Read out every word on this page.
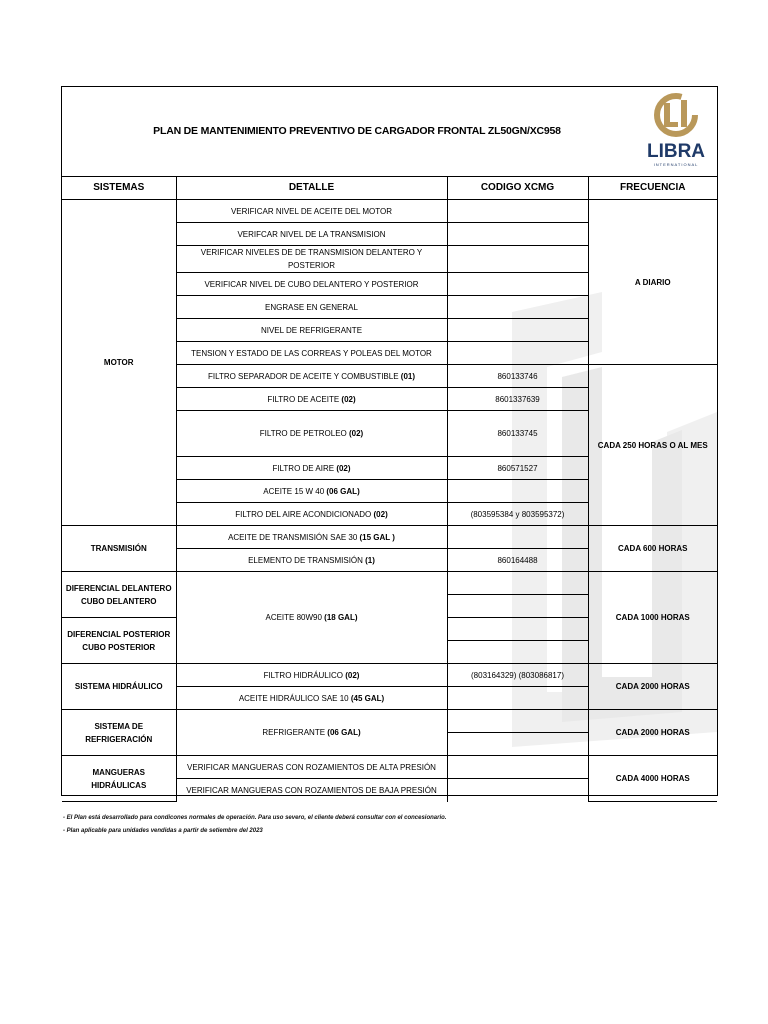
PLAN DE MANTENIMIENTO PREVENTIVO DE CARGADOR FRONTAL ZL50GN/XC958
LIBRA
INTERNATIONAL
SISTEMAS	DETALLE	CODIGO XCMG	FRECUENCIA
MOTOR	VERIFICAR NIVEL DE ACEITE DEL MOTOR		A DIARIO
	VERIFCAR NIVEL DE LA TRANSMISION		
	VERIFICAR NIVELES DE DE TRANSMISION DELANTERO Y POSTERIOR		
	VERIFICAR NIVEL DE CUBO DELANTERO Y POSTERIOR		
	ENGRASE EN GENERAL		
	NIVEL DE REFRIGERANTE		
	TENSION Y ESTADO DE LAS CORREAS Y POLEAS DEL MOTOR		
	FILTRO SEPARADOR DE ACEITE Y COMBUSTIBLE (01)	860133746	CADA 250 HORAS O AL MES
	FILTRO DE ACEITE (02)	8601337639	
	FILTRO DE PETROLEO (02)	860133745	
	FILTRO DE AIRE (02)	860571527	
	ACEITE 15 W 40 (06 GAL)		
	FILTRO DEL AIRE ACONDICIONADO (02)	(803595384 y 803595372)	
TRANSMISIÓN	ACEITE DE TRANSMISIÓN SAE 30 (15 GAL )		CADA 600 HORAS
	ELEMENTO DE TRANSMISIÓN (1)	860164488	
DIFERENCIAL DELANTERO CUBO DELANTERO	ACEITE 80W90 (18 GAL)		CADA 1000 HORAS

DIFERENCIAL POSTERIOR CUBO POSTERIOR			

SISTEMA HIDRÁULICO	FILTRO HIDRÁULICO (02)	(803164329) (803086817)	CADA 2000 HORAS
	ACEITE HIDRÁULICO SAE 10 (45 GAL)		
SISTEMA DE REFRIGERACIÓN	REFRIGERANTE (06 GAL)		CADA 2000 HORAS

MANGUERAS HIDRÁULICAS	VERIFICAR MANGUERAS CON ROZAMIENTOS DE ALTA PRESIÓN		CADA 4000 HORAS
	VERIFICAR MANGUERAS CON ROZAMIENTOS DE BAJA PRESIÓN		
- El Plan está desarrollado para condicones normales de operación. Para uso severo, el cliente deberá consultar con el concesionario.
- Plan aplicable para unidades vendidas a partir de setiembre del 2023
